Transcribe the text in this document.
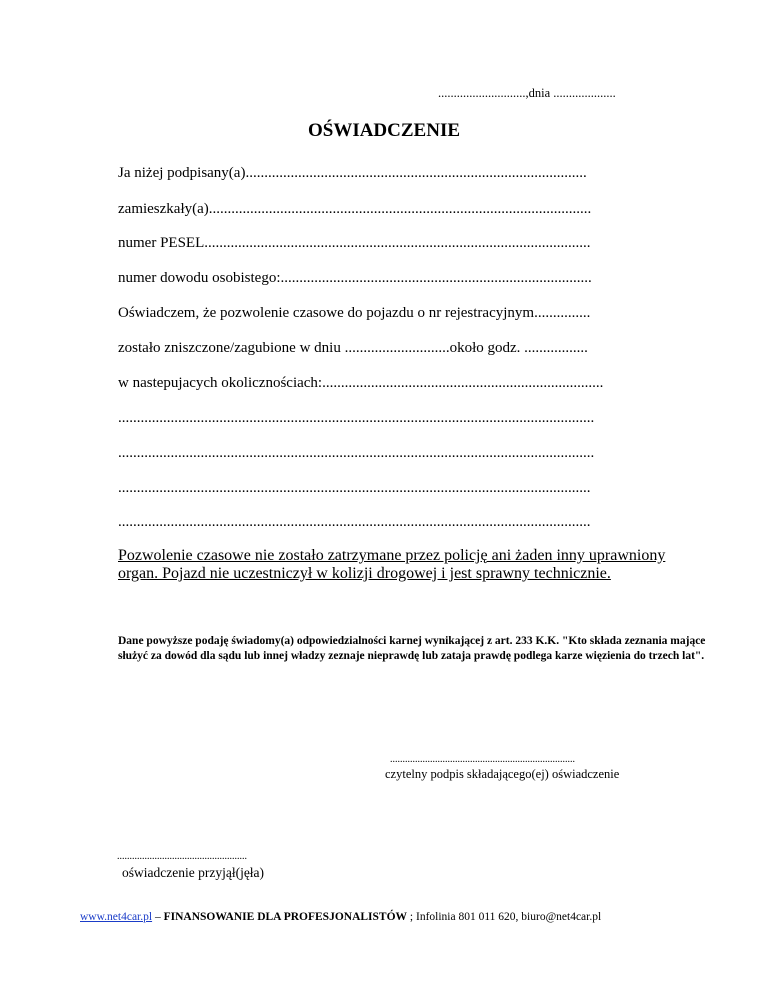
............................,dnia ....................
OŚWIADCZENIE
Ja niżej podpisany(a)...........................................................................................
zamieszkały(a)......................................................................................................
numer PESEL.......................................................................................................
numer dowodu osobistego:...................................................................................
Oświadczem, że pozwolenie czasowe do pojazdu o nr rejestracyjnym...............
zostało zniszczone/zagubione w dniu ............................około godz. .................
w nastepujacych okolicznościach:...........................................................................
...............................................................................................................................
...............................................................................................................................
..............................................................................................................................
..............................................................................................................................
Pozwolenie czasowe nie zostało zatrzymane przez policję ani żaden inny uprawniony organ. Pojazd nie uczestniczył w kolizji drogowej i jest sprawny technicznie.
Dane powyższe podaję świadomy(a) odpowiedzialności karnej wynikającej z art. 233 K.K. "Kto składa zeznania mające służyć za dowód dla sądu lub innej władzy zeznaje nieprawdę lub zataja prawdę podlega karze więzienia do trzech lat".
..........................................................................
czytelny podpis składającego(ej) oświadczenie
....................................................
oświadczenie przyjął(jęła)
www.net4car.pl – FINANSOWANIE DLA PROFESJONALISTÓW ; Infolinia 801 011 620, biuro@net4car.pl
